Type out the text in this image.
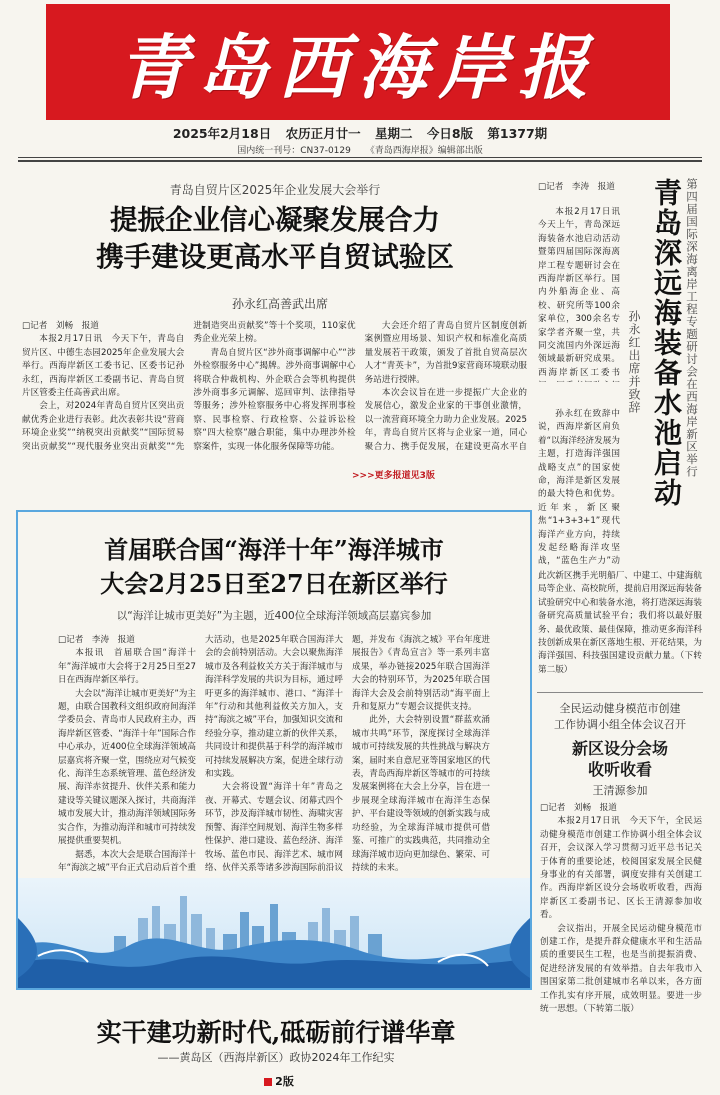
青岛西海岸报
2025年2月18日 农历正月廿一 星期二 今日8版 第1377期
国内统一刊号：CN37-0129 《青岛西海岸报》编辑部出版
青岛自贸片区2025年企业发展大会举行
提振企业信心凝聚发展合力
携手建设更高水平自贸试验区
孙永红高善武出席

□记者　刘畅　报道

本报2月17日讯　今天下午，青岛自贸片区、中德生态园2025年企业发展大会举行。西海岸新区工委书记、区委书记孙永红，西海岸新区工委副书记、青岛自贸片区管委主任高善武出席。

会上，对2024年青岛自贸片区突出贡献优秀企业进行表彰。此次表彰共设“营商环境企业奖”“纳税突出贡献奖”“国际贸易突出贡献奖”“现代服务业突出贡献奖”“先进制造突出贡献奖”等十个奖项，110家优秀企业光荣上榜。

青岛自贸片区“涉外商事调解中心”“涉外检察服务中心”揭牌。涉外商事调解中心将联合仲裁机构、外企联合会等机构提供涉外商事多元调解、巡回审判、法律指导等服务；涉外检察服务中心将发挥刑事检察、民事检察、行政检察、公益诉讼检察“四大检察”融合职能，集中办理涉外检察案件，实现一体化服务保障等功能。

大会还介绍了青岛自贸片区制度创新案例暨应用场景、知识产权和标准化高质量发展若干政策，颁发了首批自贸高层次人才“青英卡”，为首批9家营商环境联动服务站进行授牌。

本次会议旨在进一步提振广大企业的发展信心，激发企业家的干事创业激情，以一流营商环境全力助力企业发展。2025年，青岛自贸片区将与企业家一道，同心聚合力、携手促发展，在建设更高水平自

>>>更多报道见3版
首届联合国“海洋十年”海洋城市
大会2月25日至27日在新区举行
以“海洋让城市更美好”为主题，近400位全球海洋领域高层嘉宾参加

□记者　李涛　报道

本报讯　首届联合国“海洋十年”海洋城市大会将于2月25日至27日在西海岸新区举行。

大会以“海洋让城市更美好”为主题，由联合国教科文组织政府间海洋学委员会、青岛市人民政府主办，西海岸新区管委、“海洋十年”国际合作中心承办，近400位全球海洋领域高层嘉宾将齐聚一堂，围绕应对气候变化、海洋生态系统管理、蓝色经济发展、海洋赤贫提升、伙伴关系和能力建设等关键议题深入探讨，共商海洋城市发展大计，推动海洋领域国际务实合作，为推动海洋和城市可持续发展提供重要契机。

据悉，本次大会是联合国海洋十年“海滨之城”平台正式启动后首个重大活动，也是2025年联合国海洋大会的会前特别活动。大会以聚焦海洋城市及各利益攸关方关于海洋城市与海洋科学发展的共识为目标，通过呼吁更多的海洋城市、港口、“海洋十年”行动和其他利益攸关方加入，支持“海滨之城”平台，加强知识交流和经验分享，推动建立新的伙伴关系，共同设计和提供基于科学的海洋城市可持续发展解决方案，促进全球行动和实践。

大会将设置“海洋十年”青岛之夜、开幕式、专题会议、闭幕式四个环节，涉及海洋城市韧性、海啸灾害预警、海洋空间规划、海洋生物多样性保护、港口建设、蓝色经济、海洋牧场、蓝色市民、海洋艺术、城市网络、伙伴关系等诸多涉海国际前沿议题，并发布《海滨之城》平台年度进展报告》《青岛宣言》等一系列丰富成果，举办链接2025年联合国海洋大会的特别环节，为2025年联合国海洋大会及会前特别活动“海平面上升和复原力”专题会议提供支持。

此外，大会特别设置“群蓝欢涌　城市共鸣”环节，深度探讨全球海洋城市可持续发展的共性挑战与解决方案，届时来自意尼亚等国家地区的代表，青岛西海岸新区等城市的可持续发展案例将在大会上分享，旨在进一步展现全球海洋城市在海洋生态保护、平台建设等领域的创新实践与成功经验，为全球海洋城市提供可借鉴、可推广的实践典范，共同推动全球海洋城市迈向更加绿色、繁荣、可持续的未来。

实干建功新时代,砥砺前行谱华章
——黄岛区（西海岸新区）政协2024年工作纪实
2版
□记者　李涛　报道

本报2月17日讯　今天上午，青岛深远海装备水池启动活动暨第四届国际深海离岸工程专题研讨会在西海岸新区举行。国内外船海企业、高校、研究所等100余家单位，300余名专家学者齐聚一堂，共同交流国内外深远海领域最新研究成果。西海岸新区工委书 青岛深远海装备水池启动 第四届国际深海离岸工程专题研讨会在西海岸新区举行
孙永红出席并致辞

孙永红在致辞中说，西海岸新区肩负着“以海洋经济发展为主题，打造海洋强国战略支点”的国家使命，海洋是新区发展的最大特色和优势。近年来，新区聚焦“1+3+3+1”现代海洋产业方向，持续发起经略海洋攻坚战，“蓝色生产力”动

此次新区携手光明船厂、中建工、中建海航局等企业、高校院所，提前启用深远海装备试验研究中心和装备水池，将打造深远海装备研究高质量试验平台；我们将以最好服务、最优政策、最佳保障，推动更多海洋科技创新成果在新区落地生根、开花结果，为海洋强国、科技强国建设贡献力量。（下转第二版）

全民运动健身模范市创建
工作协调小组全体会议召开
新区设分会场
收听收看
王清源参加

□记者　刘畅　报道

本报2月17日讯　今天下午，全民运动健身模范市创建工作协调小组全体会议召开，会议深入学习贯彻习近平总书记关于体育的重要论述，校阅国家发展全民健身事业的有关部署，调度安排有关创建工作。西海岸新区设分会场收听收看，西海岸新区工委副书记、区长王清源参加收看。

会议指出，开展全民运动健身模范市创建工作，是提升群众健康水平和生活品质的重要民生工程，也是当前提振消费、促进经济发展的有效举措。自去年我市入围国家第二批创建城市名单以来，各方面工作扎实有序开展，成效明显。要进一步统一思想。（下转第二版）
